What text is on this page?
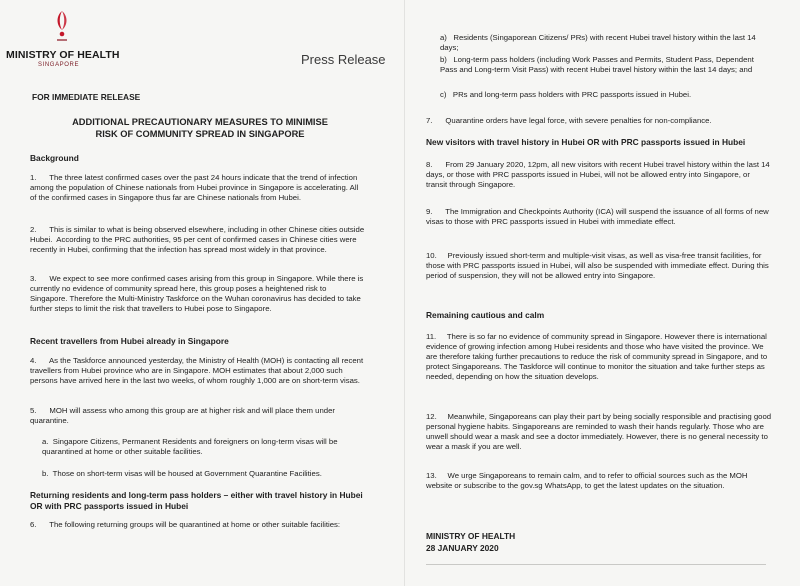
MINISTRY OF HEALTH
SINGAPORE	Press Release
FOR IMMEDIATE RELEASE
ADDITIONAL PRECAUTIONARY MEASURES TO MINIMISE
RISK OF COMMUNITY SPREAD IN SINGAPORE
Background

1.      The three latest confirmed cases over the past 24 hours indicate that the trend of infection among the population of Chinese nationals from Hubei province in Singapore is accelerating. All of the confirmed cases in Singapore thus far are Chinese nationals from Hubei.

2.      This is similar to what is being observed elsewhere, including in other Chinese cities outside Hubei.  According to the PRC authorities, 95 per cent of confirmed cases in Chinese cities were recently in Hubei, confirming that the infection has spread most widely in that province.

3.      We expect to see more confirmed cases arising from this group in Singapore. While there is currently no evidence of community spread here, this group poses a heightened risk to Singapore. Therefore the Multi-Ministry Taskforce on the Wuhan coronavirus has decided to take further steps to limit the risk that travellers to Hubei pose to Singapore.

Recent travellers from Hubei already in Singapore

4.      As the Taskforce announced yesterday, the Ministry of Health (MOH) is contacting all recent travellers from Hubei province who are in Singapore. MOH estimates that about 2,000 such persons have arrived here in the last two weeks, of whom roughly 1,000 are on short-term visas.

5.      MOH will assess who among this group are at higher risk and will place them under quarantine.

a.  Singapore Citizens, Permanent Residents and foreigners on long-term visas will be quarantined at home or other suitable facilities.

b.  Those on short-term visas will be housed at Government Quarantine Facilities.

Returning residents and long-term pass holders – either with travel history in Hubei OR with PRC passports issued in Hubei

6.      The following returning groups will be quarantined at home or other suitable facilities:

a)   Residents (Singaporean Citizens/ PRs) with recent Hubei travel history within the last 14 days;

b)   Long-term pass holders (including Work Passes and Permits, Student Pass, Dependent Pass and Long-term Visit Pass) with recent Hubei travel history within the last 14 days; and

c)   PRs and long-term pass holders with PRC passports issued in Hubei.

7.      Quarantine orders have legal force, with severe penalties for non-compliance.

New visitors with travel history in Hubei OR with PRC passports issued in Hubei

8.      From 29 January 2020, 12pm, all new visitors with recent Hubei travel history within the last 14 days, or those with PRC passports issued in Hubei, will not be allowed entry into Singapore, or transit through Singapore.

9.      The Immigration and Checkpoints Authority (ICA) will suspend the issuance of all forms of new visas to those with PRC passports issued in Hubei with immediate effect.

10.     Previously issued short-term and multiple-visit visas, as well as visa-free transit facilities, for those with PRC passports issued in Hubei, will also be suspended with immediate effect. During this period of suspension, they will not be allowed entry into Singapore.

Remaining cautious and calm

11.     There is so far no evidence of community spread in Singapore. However there is international evidence of growing infection among Hubei residents and those who have visited the province. We are therefore taking further precautions to reduce the risk of community spread in Singapore, and to protect Singaporeans. The Taskforce will continue to monitor the situation and take further steps as needed, depending on how the situation develops.

12.     Meanwhile, Singaporeans can play their part by being socially responsible and practising good personal hygiene habits. Singaporeans are reminded to wash their hands regularly. Those who are unwell should wear a mask and see a doctor immediately. However, there is no general necessity to wear a mask if you are well.

13.     We urge Singaporeans to remain calm, and to refer to official sources such as the MOH website or subscribe to the gov.sg WhatsApp, to get the latest updates on the situation.

MINISTRY OF HEALTH
28 JANUARY 2020
